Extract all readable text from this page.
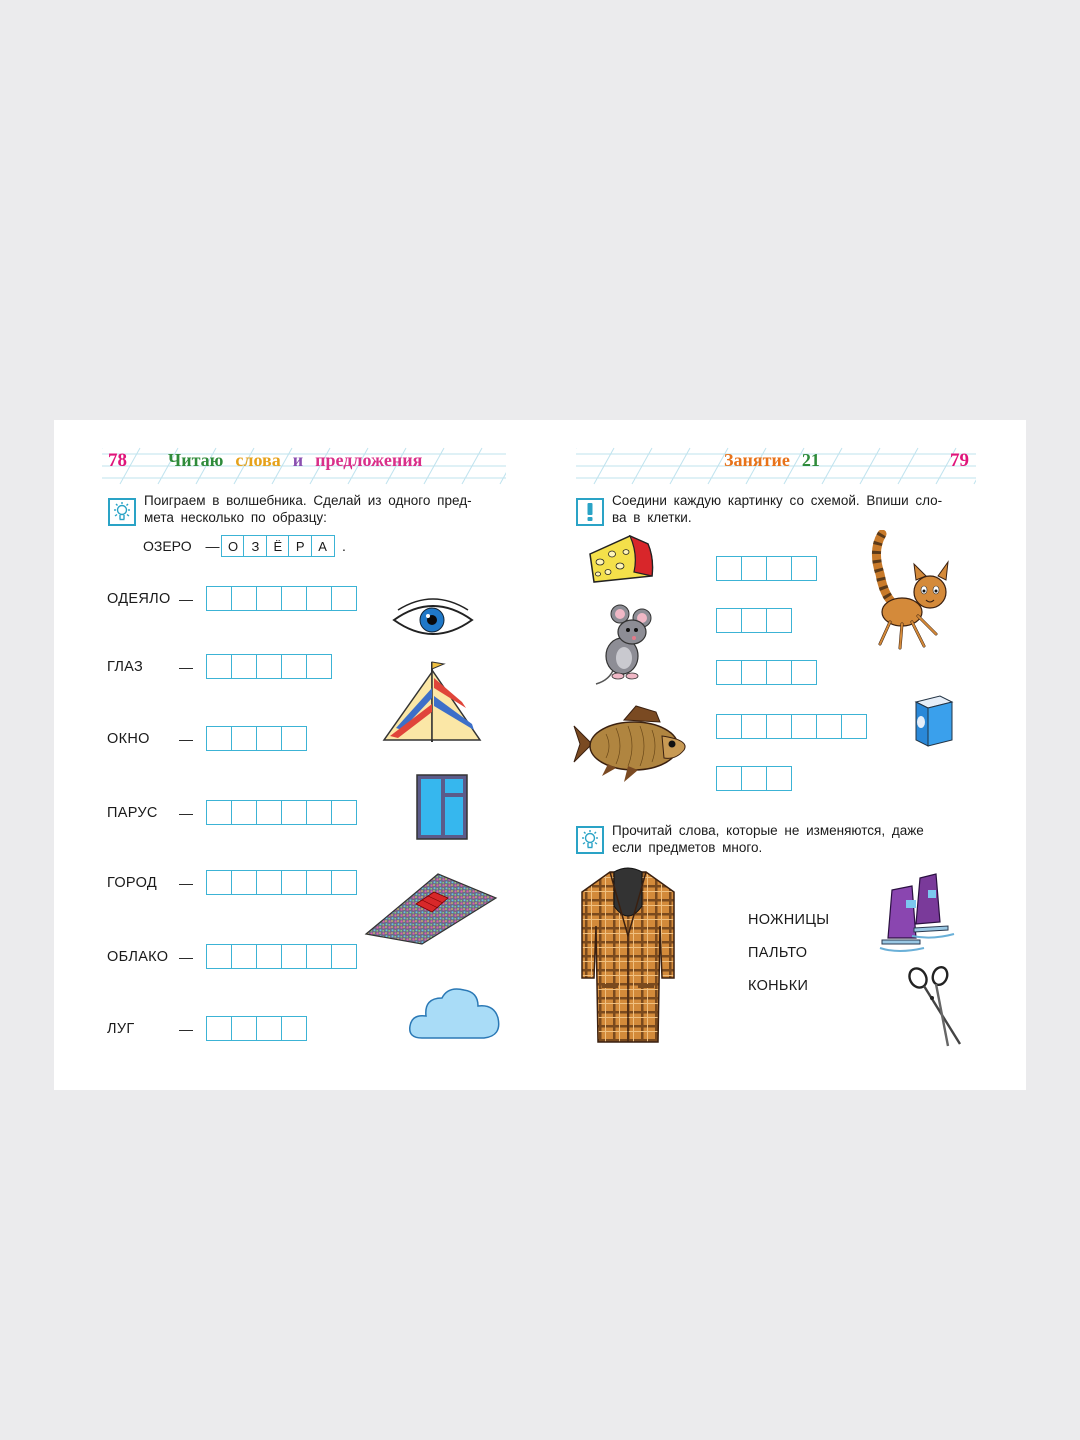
78 Читаю слова и предложения
Поиграем в волшебника. Сделай из одного пред-
мета несколько по образцу:
ОЗЕРО — О	З	Ё	Р	А	.
ОДЕЯЛО —
ГЛАЗ	—
ОКНО —
ПАРУС —
ГОРОД —
ОБЛАКО —
ЛУГ	—
Занятие 21	79
Соедини каждую картинку со схемой. Впиши сло-
ва в клетки.
Прочитай слова, которые не изменяются, даже
если предметов много.
НОЖНИЦЫ
ПАЛЬТО
КОНЬКИ
